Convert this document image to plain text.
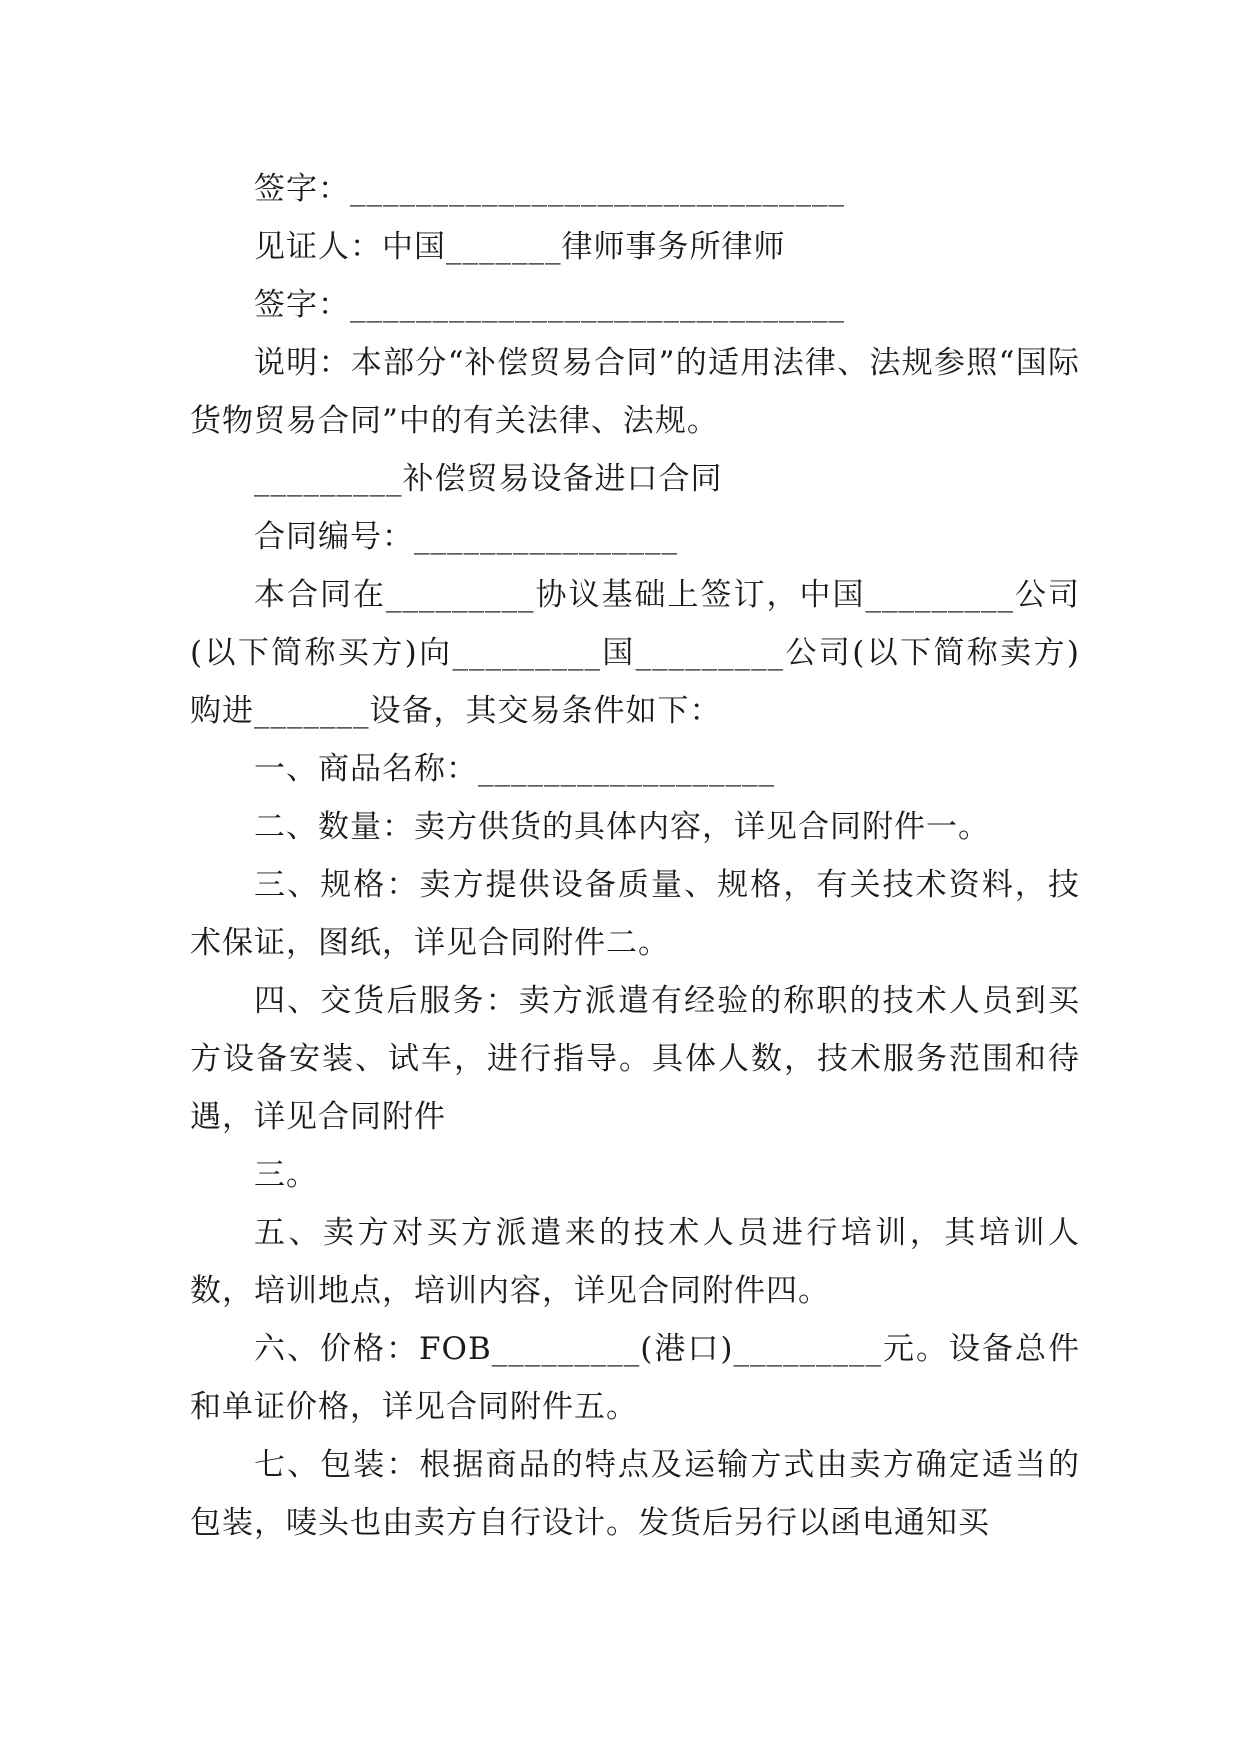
签字：______________________________

见证人：中国_______律师事务所律师

签字：______________________________

说明：本部分“补偿贸易合同”的适用法律、法规参照“国际货物贸易合同”中的有关法律、法规。

_________补偿贸易设备进口合同

合同编号：________________

本合同在_________协议基础上签订，中国_________公司(以下简称买方)向_________国_________公司(以下简称卖方)购进_______设备，其交易条件如下：

一、商品名称：__________________

二、数量：卖方供货的具体内容，详见合同附件一。

三、规格：卖方提供设备质量、规格，有关技术资料，技术保证，图纸，详见合同附件二。

四、交货后服务：卖方派遣有经验的称职的技术人员到买方设备安装、试车，进行指导。具体人数，技术服务范围和待遇，详见合同附件

三。

五、卖方对买方派遣来的技术人员进行培训，其培训人数，培训地点，培训内容，详见合同附件四。

六、价格：FOB_________(港口)_________元。设备总件和单证价格，详见合同附件五。

七、包装：根据商品的特点及运输方式由卖方确定适当的包装，唛头也由卖方自行设计。发货后另行以函电通知买
